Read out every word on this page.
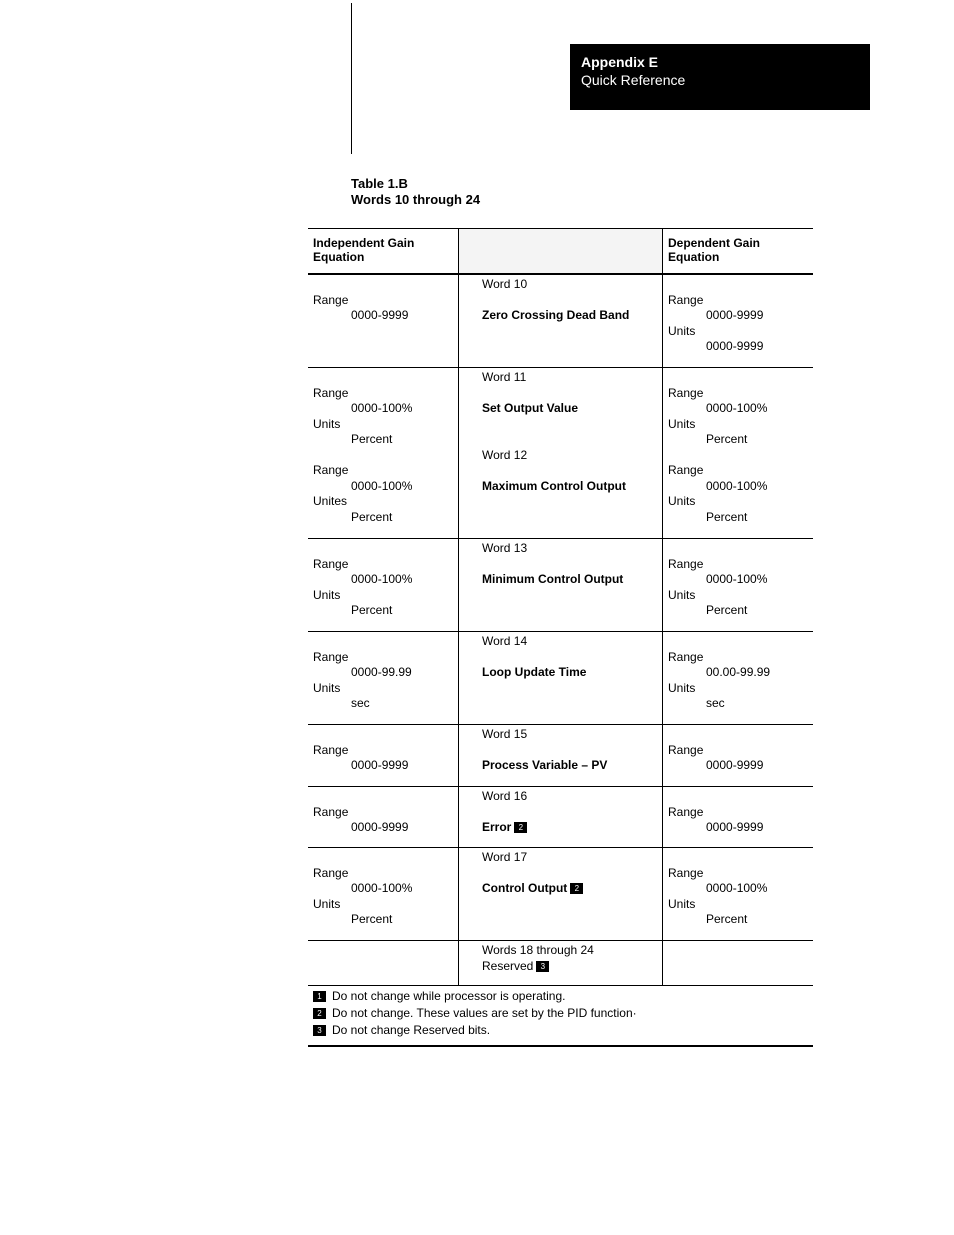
Appendix E
Quick Reference
Table 1.B
Words 10 through 24
Independent Gain Equation
Dependent Gain Equation
Range
0000-9999
Word 10
Zero Crossing Dead Band
Range
0000-9999
Units
0000-9999
Range
0000-100%
Units
Percent
Range
0000-100%
Unites
Percent
Word 11
Set Output Value
Word 12
Maximum Control Output
Range
0000-100%
Units
Percent
Range
0000-100%
Units
Percent
Range
0000-100%
Units
Percent
Word 13
Minimum Control Output
Range
0000-100%
Units
Percent
Range
0000-99.99
Units
sec
Word 14
Loop Update Time
Range
00.00-99.99
Units
sec
Range
0000-9999
Word 15
Process Variable – PV
Range
0000-9999
Range
0000-9999
Word 16
Error 2
Range
0000-9999
Range
0000-100%
Units
Percent
Word 17
Control Output 2
Range
0000-100%
Units
Percent
Words 18 through 24
Reserved 3
1 Do not change while processor is operating.
2 Do not change. These values are set by the PID function·
3 Do not change Reserved bits.
